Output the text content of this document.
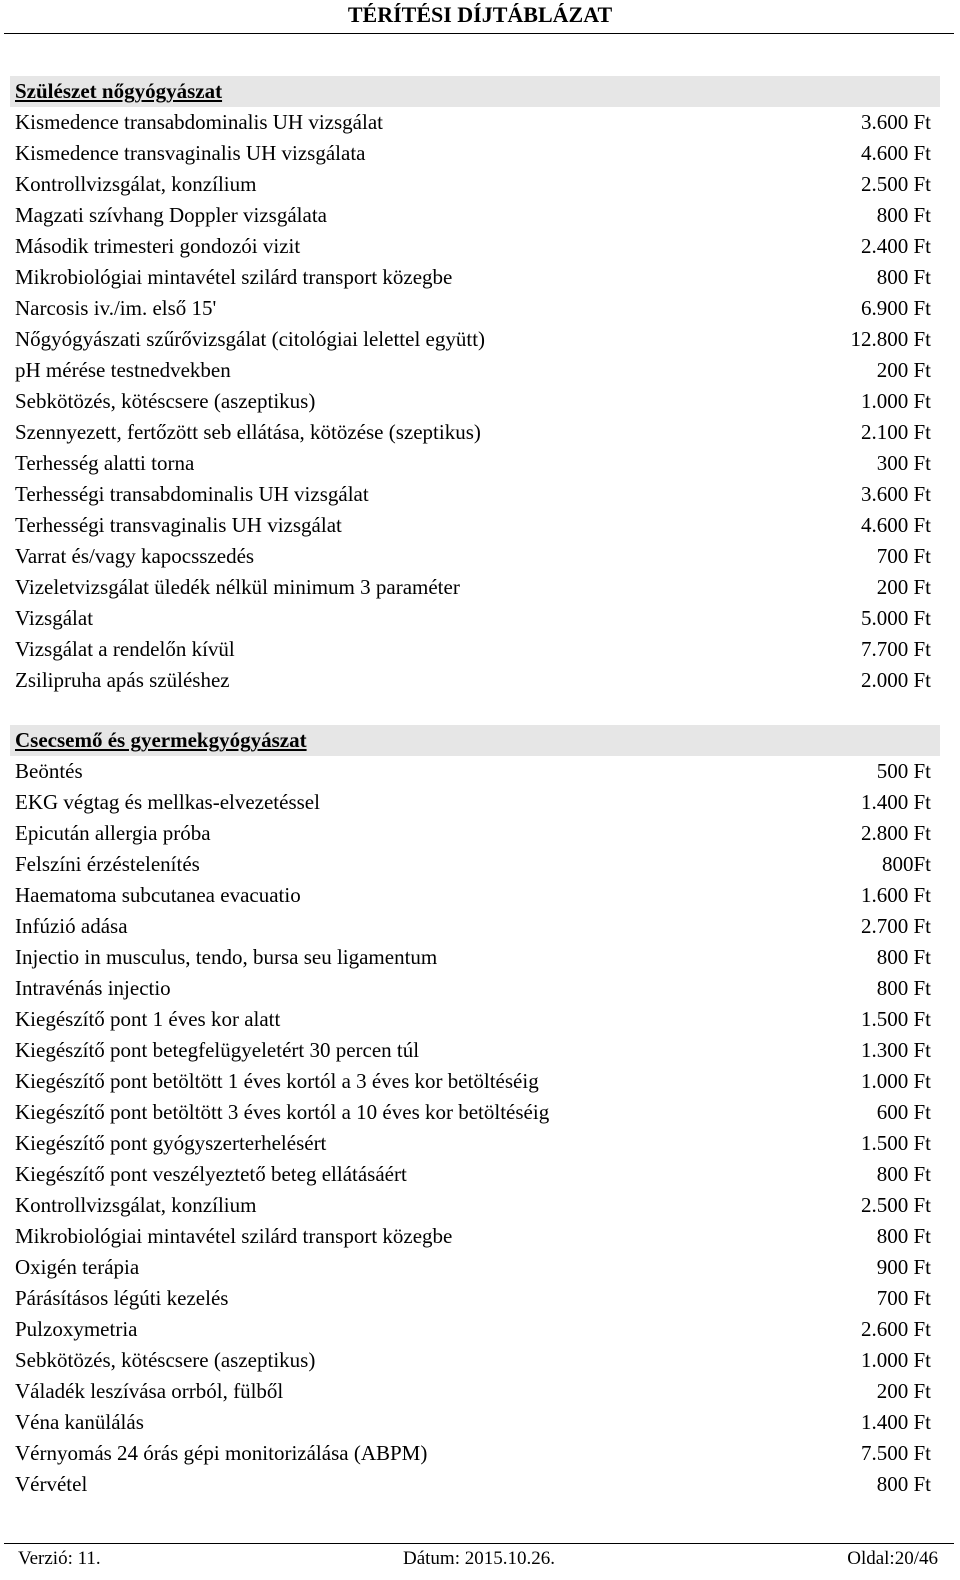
TÉRÍTÉSI DÍJTÁBLÁZAT
Szülészet nőgyógyászat
Kismedence transabdominalis UH vizsgálat	3.600 Ft
Kismedence transvaginalis UH vizsgálata	4.600 Ft
Kontrollvizsgálat, konzílium	2.500 Ft
Magzati szívhang Doppler vizsgálata	800 Ft
Második trimesteri gondozói vizit	2.400 Ft
Mikrobiológiai mintavétel szilárd transport közegbe	800 Ft
Narcosis iv./im. első 15'	6.900 Ft
Nőgyógyászati szűrővizsgálat (citológiai lelettel együtt)	12.800 Ft
pH mérése testnedvekben	200 Ft
Sebkötözés, kötéscsere (aszeptikus)	1.000 Ft
Szennyezett, fertőzött seb ellátása, kötözése (szeptikus)	2.100 Ft
Terhesség alatti torna	300 Ft
Terhességi transabdominalis UH vizsgálat	3.600 Ft
Terhességi transvaginalis UH vizsgálat	4.600 Ft
Varrat és/vagy kapocsszedés	700 Ft
Vizeletvizsgálat üledék nélkül minimum 3 paraméter	200 Ft
Vizsgálat	5.000 Ft
Vizsgálat a rendelőn kívül	7.700 Ft
Zsilipruha apás szüléshez	2.000 Ft
Csecsemő és gyermekgyógyászat
Beöntés	500 Ft
EKG végtag és mellkas-elvezetéssel	1.400 Ft
Epicután allergia próba	2.800 Ft
Felszíni érzéstelenítés	800Ft
Haematoma subcutanea evacuatio	1.600 Ft
Infúzió adása	2.700 Ft
Injectio in musculus, tendo, bursa seu ligamentum	800 Ft
Intravénás injectio	800 Ft
Kiegészítő pont 1 éves kor alatt	1.500 Ft
Kiegészítő pont betegfelügyeletért 30 percen túl	1.300 Ft
Kiegészítő pont betöltött 1 éves kortól a 3 éves kor betöltéséig	1.000 Ft
Kiegészítő pont betöltött 3 éves kortól a 10 éves kor betöltéséig	600 Ft
Kiegészítő pont gyógyszerterhelésért	1.500 Ft
Kiegészítő pont veszélyeztető beteg ellátásáért	800 Ft
Kontrollvizsgálat, konzílium	2.500 Ft
Mikrobiológiai mintavétel szilárd transport közegbe	800 Ft
Oxigén terápia	900 Ft
Párásításos légúti kezelés	700 Ft
Pulzoxymetria	2.600 Ft
Sebkötözés, kötéscsere (aszeptikus)	1.000 Ft
Váladék leszívása orrból, fülből	200 Ft
Véna kanülálás	1.400 Ft
Vérnyomás 24 órás gépi monitorizálása (ABPM)	7.500 Ft
Vérvétel	800 Ft
Verzió: 11.	Dátum: 2015.10.26.	Oldal:20/46
